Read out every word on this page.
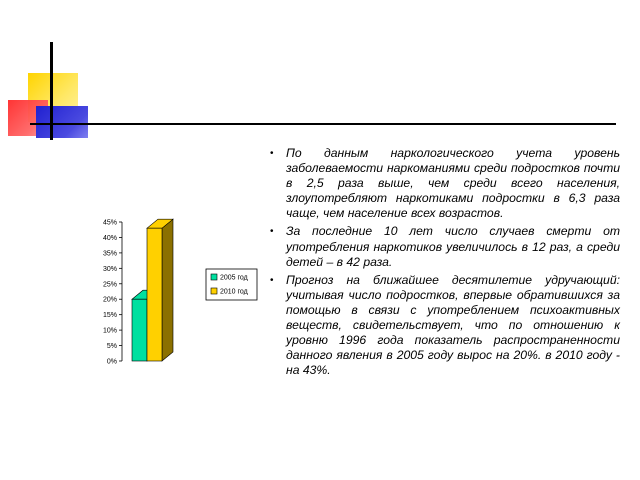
0%
5%
10%
15%
20%
25%
30%
35%
40%
45%
2005 год
2010 год
• По данным наркологического учета уровень заболеваемости наркоманиями среди подростков почти в 2,5 раза выше, чем среди всего населения, злоупотребляют наркотиками подростки в 6,3 раза чаще, чем население всех возрастов.
• За последние 10 лет число случаев смерти от употребления наркотиков увеличилось в 12 раз, а среди детей – в 42 раза.
• Прогноз на ближайшее десятилетие удручающий: учитывая число подростков, впервые обратившихся за помощью в связи с употреблением психоактивных веществ, свидетельствует, что по отношению к уровню 1996 года показатель распространенности данного явления в 2005 году вырос на 20%. в 2010 году - на 43%.
